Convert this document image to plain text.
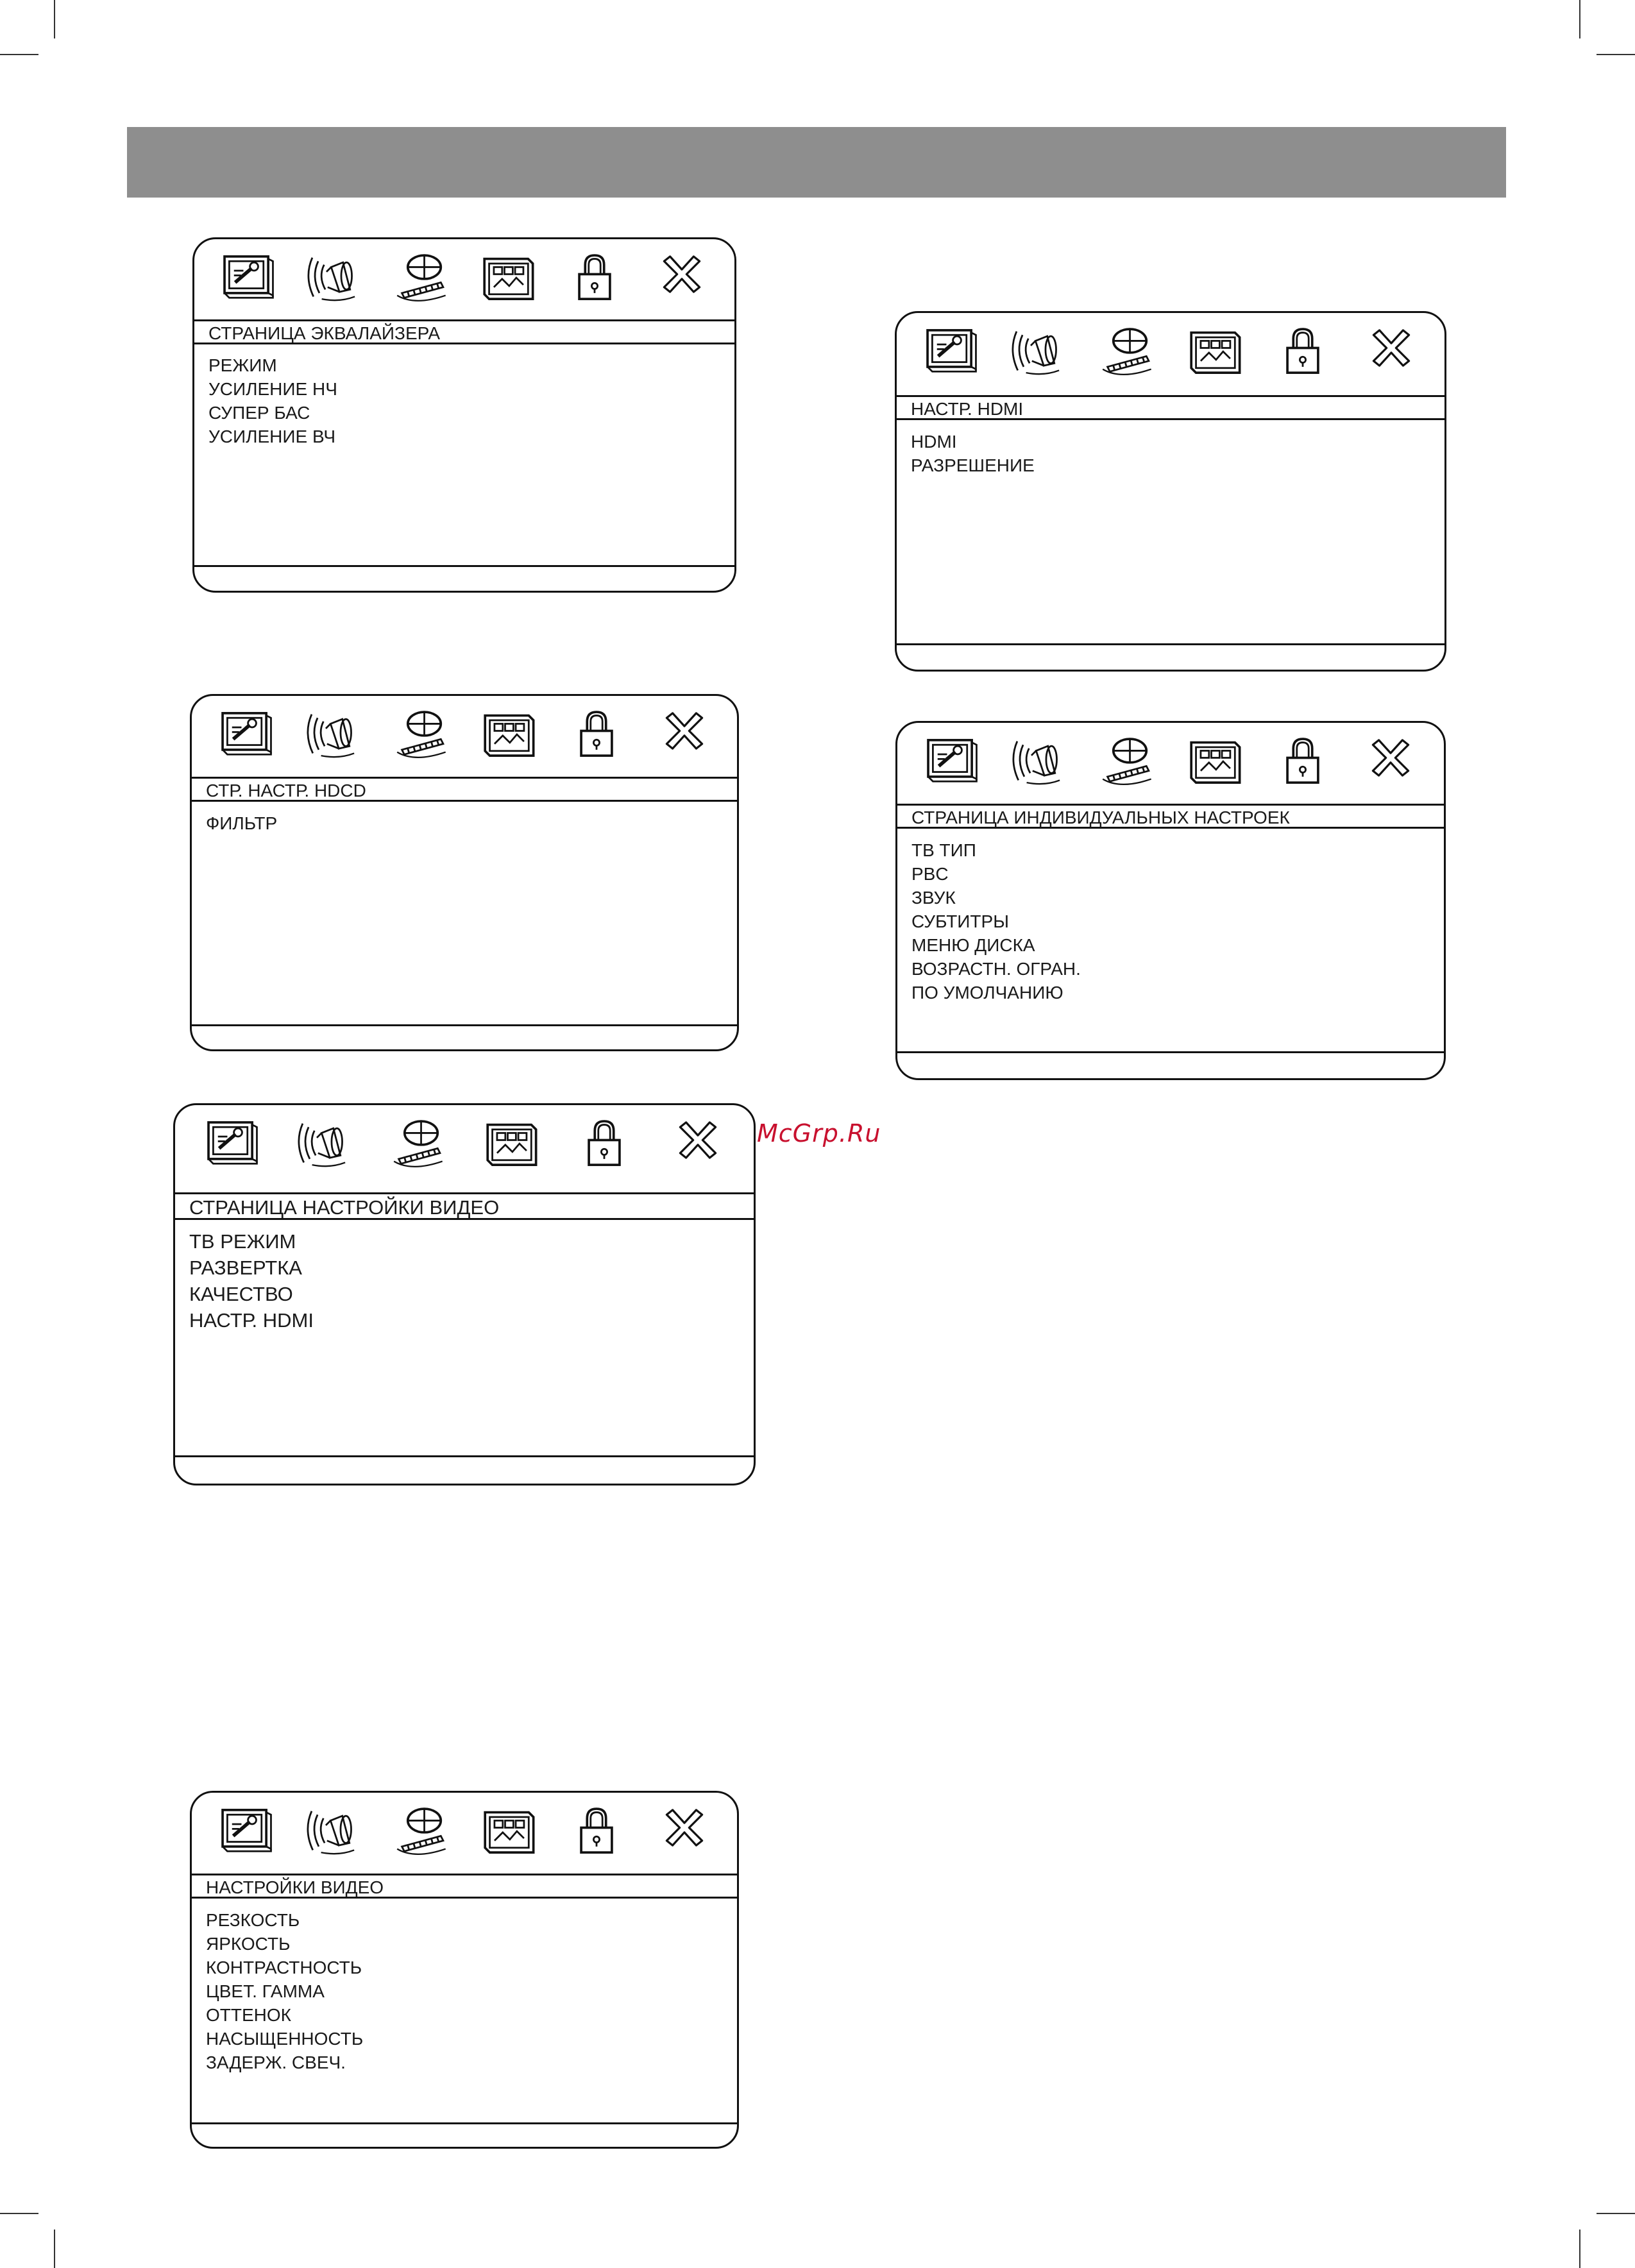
СТРАНИЦА ЭКВАЛАЙЗЕРА
РЕЖИМ
УСИЛЕНИЕ НЧ
СУПЕР БАС
УСИЛЕНИЕ ВЧ
НАСТР. HDMI
HDMI
РАЗРЕШЕНИЕ
СТР. НАСТР. HDCD
ФИЛЬТР	СТРАНИЦА ИНДИВИДУАЛЬНЫХ НАСТРОЕК
ТВ ТИП
PBC
ЗВУК
СУБТИТРЫ
МЕНЮ ДИСКА
ВОЗРАСТН. ОГРАН.
ПО УМОЛЧАНИЮ
McGrp.Ru
СТРАНИЦА НАСТРОЙКИ ВИДЕО
ТВ РЕЖИМ
РАЗВЕРТКА
КАЧЕСТВО
НАСТР. HDMI
НАСТРОЙКИ ВИДЕО
РЕЗКОСТЬ
ЯРКОСТЬ
КОНТРАСТНОСТЬ
ЦВЕТ. ГАММА
ОТТЕНОК
НАСЫЩЕННОСТЬ
ЗАДЕРЖ. СВЕЧ.
